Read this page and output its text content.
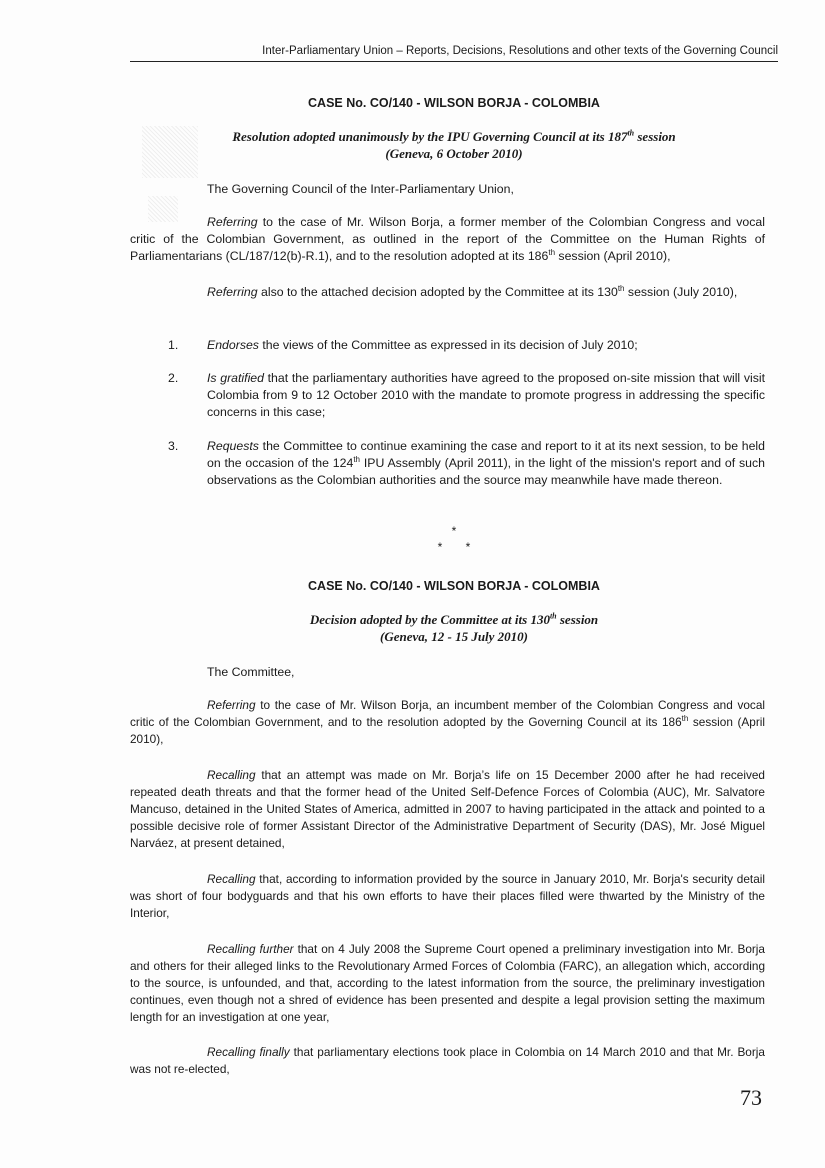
Inter-Parliamentary Union – Reports, Decisions, Resolutions and other texts of the Governing Council
CASE No. CO/140 - WILSON BORJA - COLOMBIA
Resolution adopted unanimously by the IPU Governing Council at its 187th session
(Geneva, 6 October 2010)
The Governing Council of the Inter-Parliamentary Union,
Referring to the case of Mr. Wilson Borja, a former member of the Colombian Congress and vocal critic of the Colombian Government, as outlined in the report of the Committee on the Human Rights of Parliamentarians (CL/187/12(b)-R.1), and to the resolution adopted at its 186th session (April 2010),
Referring also to the attached decision adopted by the Committee at its 130th session (July 2010),
1. Endorses the views of the Committee as expressed in its decision of July 2010;
2. Is gratified that the parliamentary authorities have agreed to the proposed on-site mission that will visit Colombia from 9 to 12 October 2010 with the mandate to promote progress in addressing the specific concerns in this case;
3. Requests the Committee to continue examining the case and report to it at its next session, to be held on the occasion of the 124th IPU Assembly (April 2011), in the light of the mission's report and of such observations as the Colombian authorities and the source may meanwhile have made thereon.
*
*       *
CASE No. CO/140 - WILSON BORJA - COLOMBIA
Decision adopted by the Committee at its 130th session
(Geneva, 12 - 15 July 2010)
The Committee,
Referring to the case of Mr. Wilson Borja, an incumbent member of the Colombian Congress and vocal critic of the Colombian Government, and to the resolution adopted by the Governing Council at its 186th session (April 2010),
Recalling that an attempt was made on Mr. Borja’s life on 15 December 2000 after he had received repeated death threats and that the former head of the United Self-Defence Forces of Colombia (AUC), Mr. Salvatore Mancuso, detained in the United States of America, admitted in 2007 to having participated in the attack and pointed to a possible decisive role of former Assistant Director of the Administrative Department of Security (DAS), Mr. José Miguel Narváez, at present detained,
Recalling that, according to information provided by the source in January 2010, Mr. Borja's security detail was short of four bodyguards and that his own efforts to have their places filled were thwarted by the Ministry of the Interior,
Recalling further that on 4 July 2008 the Supreme Court opened a preliminary investigation into Mr. Borja and others for their alleged links to the Revolutionary Armed Forces of Colombia (FARC), an allegation which, according to the source, is unfounded, and that, according to the latest information from the source, the preliminary investigation continues, even though not a shred of evidence has been presented and despite a legal provision setting the maximum length for an investigation at one year,
Recalling finally that parliamentary elections took place in Colombia on 14 March 2010 and that Mr. Borja was not re-elected,
73
